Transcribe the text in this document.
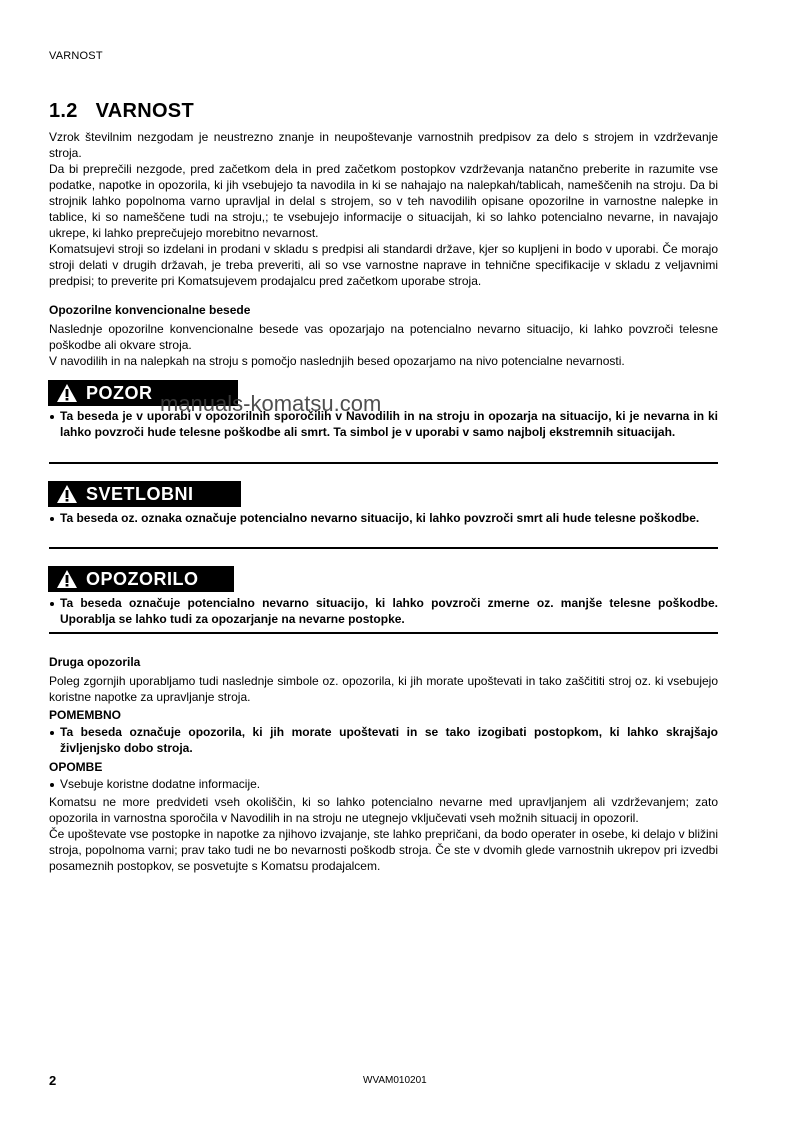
VARNOST
1.2 VARNOST

Vzrok številnim nezgodam je neustrezno znanje in neupoštevanje varnostnih predpisov za delo s strojem in vzdrževanje stroja.

Da bi preprečili nezgode, pred začetkom dela in pred začetkom postopkov vzdrževanja natančno preberite in razumite vse podatke, napotke in opozorila, ki jih vsebujejo ta navodila in ki se nahajajo na nalepkah/tablicah, nameščenih na stroju. Da bi strojnik lahko popolnoma varno upravljal in delal s strojem, so v teh navodilih opisane opozorilne in varnostne nalepke in tablice, ki so nameščene tudi na stroju,; te vsebujejo informacije o situacijah, ki so lahko potencialno nevarne, in navajajo ukrepe, ki lahko preprečujejo morebitno nevarnost.

Komatsujevi stroji so izdelani in prodani v skladu s predpisi ali standardi države, kjer so kupljeni in bodo v uporabi. Če morajo stroji delati v drugih državah, je treba preveriti, ali so vse varnostne naprave in tehnične specifikacije v skladu z veljavnimi predpisi; to preverite pri Komatsujevem prodajalcu pred začetkom uporabe stroja.

Opozorilne konvencionalne besede

Naslednje opozorilne konvencionalne besede vas opozarjajo na potencialno nevarno situacijo, ki lahko povzroči telesne poškodbe ali okvare stroja.

V navodilih in na nalepkah na stroju s pomočjo naslednjih besed opozarjamo na nivo potencialne nevarnosti.

POZOR
Ta beseda je v uporabi v opozorilnih sporočilih v Navodilih in na stroju in opozarja na situacijo, ki je nevarna in ki lahko povzroči hude telesne poškodbe ali smrt. Ta simbol je v uporabi v samo najbolj ekstremnih situacijah.
SVETLOBNI
Ta beseda oz. oznaka označuje potencialno nevarno situacijo, ki lahko povzroči smrt ali hude telesne poškodbe.
OPOZORILO
Ta beseda označuje potencialno nevarno situacijo, ki lahko povzroči zmerne oz. manjše telesne poškodbe. Uporablja se lahko tudi za opozarjanje na nevarne postopke.
Druga opozorila
Poleg zgornjih uporabljamo tudi naslednje simbole oz. opozorila, ki jih morate upoštevati in tako zaščititi stroj oz. ki vsebujejo koristne napotke za upravljanje stroja.
POMEMBNO
Ta beseda označuje opozorila, ki jih morate upoštevati in se tako izogibati postopkom, ki lahko skrajšajo življenjsko dobo stroja.
OPOMBE
Vsebuje koristne dodatne informacije.

Komatsu ne more predvideti vseh okoliščin, ki so lahko potencialno nevarne med upravljanjem ali vzdrževanjem; zato opozorila in varnostna sporočila v Navodilih in na stroju ne utegnejo vključevati vseh možnih situacij in opozoril.

Če upoštevate vse postopke in napotke za njihovo izvajanje, ste lahko prepričani, da bodo operater in osebe, ki delajo v bližini stroja, popolnoma varni; prav tako tudi ne bo nevarnosti poškodb stroja. Če ste v dvomih glede varnostnih ukrepov pri izvedbi posameznih postopkov, se posvetujte s Komatsu prodajalcem.

manuals-komatsu.com
2	WVAM010201
